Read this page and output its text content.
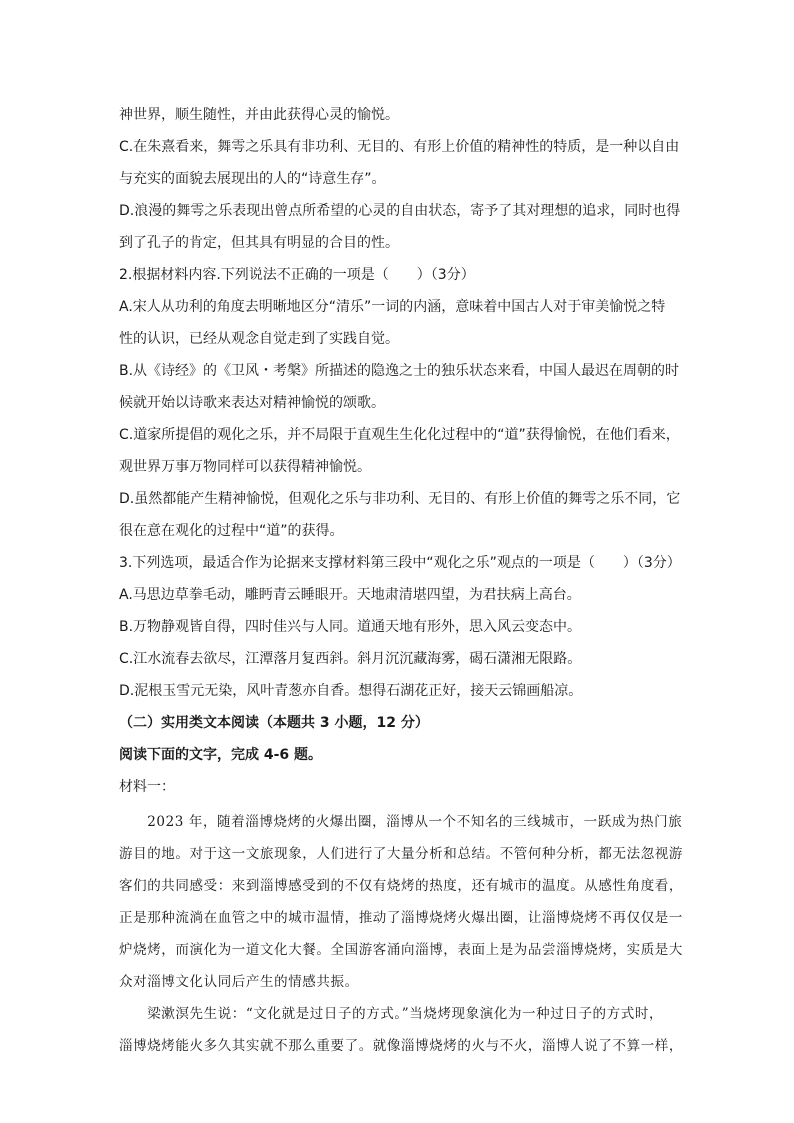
神世界，顺生随性，并由此获得心灵的愉悦。
C.在朱熹看来，舞雩之乐具有非功利、无目的、有形上价值的精神性的特质，是一种以自由
与充实的面貌去展现出的人的“诗意生存”。
D.浪漫的舞雩之乐表现出曾点所希望的心灵的自由状态，寄予了其对理想的追求，同时也得
到了孔子的肯定，但其具有明显的合目的性。
2.根据材料内容.下列说法不正确的一项是（　　）（3分）
A.宋人从功利的角度去明晰地区分“清乐”一词的内涵，意味着中国古人对于审美愉悦之特
性的认识，已经从观念自觉走到了实践自觉。
B.从《诗经》的《卫风・考槃》所描述的隐逸之士的独乐状态来看，中国人最迟在周朝的时
候就开始以诗歌来表达对精神愉悦的颂歌。
C.道家所提倡的观化之乐，并不局限于直观生生化化过程中的“道”获得愉悦，在他们看来，
观世界万事万物同样可以获得精神愉悦。
D.虽然都能产生精神愉悦，但观化之乐与非功利、无目的、有形上价值的舞雩之乐不同，它
很在意在观化的过程中“道”的获得。
3.下列选项，最适合作为论据来支撑材料第三段中“观化之乐”观点的一项是（　　）（3分）
A.马思边草拳毛动，雕眄青云睡眼开。天地肃清堪四望，为君扶病上高台。
B.万物静观皆自得，四时佳兴与人同。道通天地有形外，思入风云变态中。
C.江水流春去欲尽，江潭落月复西斜。斜月沉沉藏海雾，碣石潇湘无限路。
D.泥根玉雪元无染，风叶青葱亦自香。想得石湖花正好，接天云锦画船凉。
（二）实用类文本阅读（本题共 3 小题，12 分）
阅读下面的文字，完成 4-6 题。
材料一：
　　2023 年，随着淄博烧烤的火爆出圈，淄博从一个不知名的三线城市，一跃成为热门旅
游目的地。对于这一文旅现象，人们进行了大量分析和总结。不管何种分析，都无法忽视游
客们的共同感受：来到淄博感受到的不仅有烧烤的热度，还有城市的温度。从感性角度看，
正是那种流淌在血管之中的城市温情，推动了淄博烧烤火爆出圈，让淄博烧烤不再仅仅是一
炉烧烤，而演化为一道文化大餐。全国游客涌向淄博，表面上是为品尝淄博烧烤，实质是大
众对淄博文化认同后产生的情感共振。
　　梁漱溟先生说：“文化就是过日子的方式。”当烧烤现象演化为一种过日子的方式时，
淄博烧烤能火多久其实就不那么重要了。就像淄博烧烤的火与不火，淄博人说了不算一样，
